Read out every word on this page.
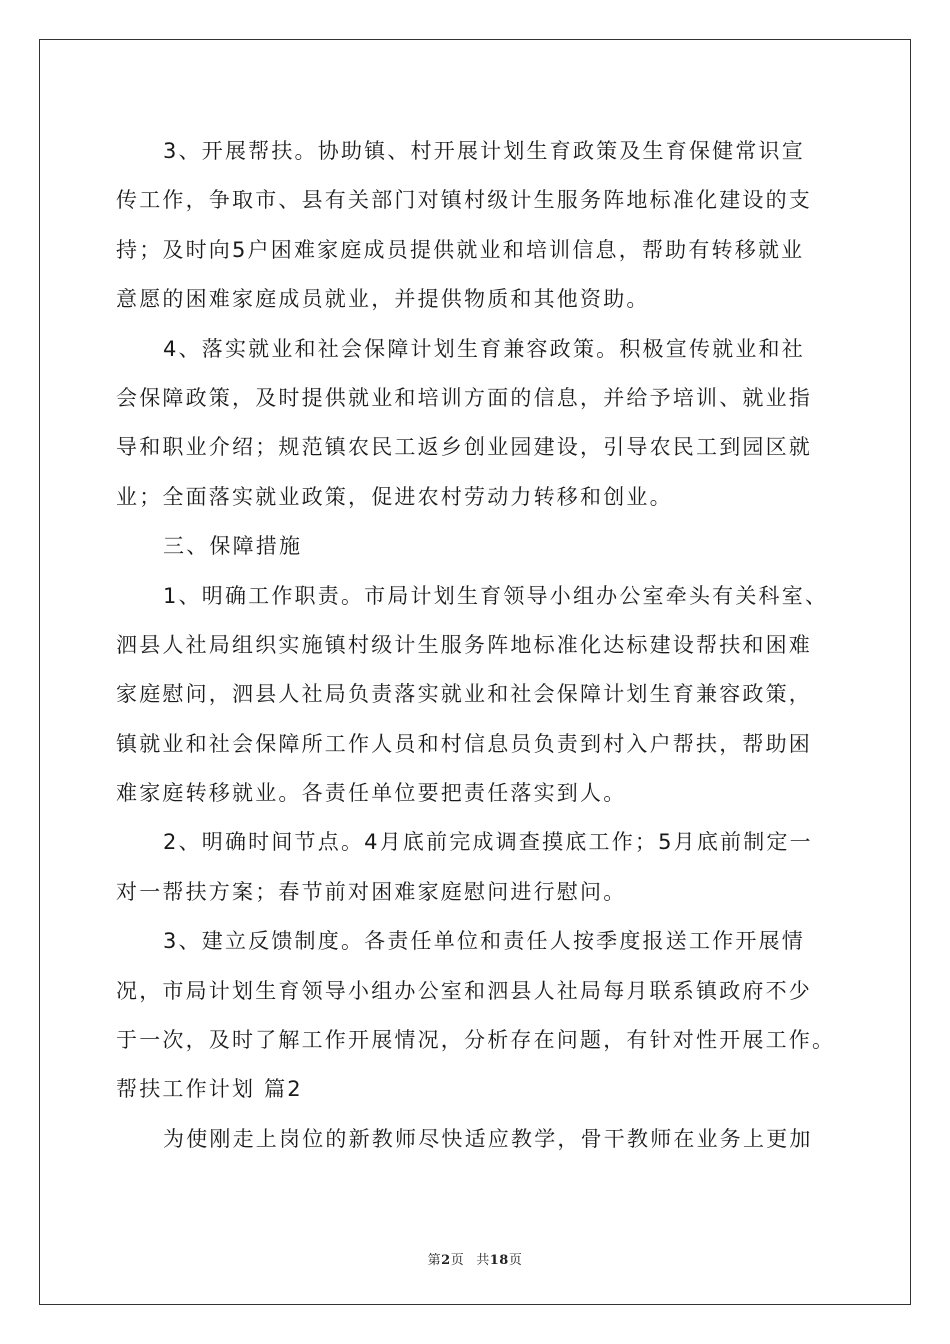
3、开展帮扶。协助镇、村开展计划生育政策及生育保健常识宣
传工作，争取市、县有关部门对镇村级计生服务阵地标准化建设的支
持；及时向5户困难家庭成员提供就业和培训信息，帮助有转移就业
意愿的困难家庭成员就业，并提供物质和其他资助。
4、落实就业和社会保障计划生育兼容政策。积极宣传就业和社
会保障政策，及时提供就业和培训方面的信息，并给予培训、就业指
导和职业介绍；规范镇农民工返乡创业园建设，引导农民工到园区就
业；全面落实就业政策，促进农村劳动力转移和创业。
三、保障措施
1、明确工作职责。市局计划生育领导小组办公室牵头有关科室、
泗县人社局组织实施镇村级计生服务阵地标准化达标建设帮扶和困难
家庭慰问，泗县人社局负责落实就业和社会保障计划生育兼容政策，
镇就业和社会保障所工作人员和村信息员负责到村入户帮扶，帮助困
难家庭转移就业。各责任单位要把责任落实到人。
2、明确时间节点。4月底前完成调查摸底工作；5月底前制定一
对一帮扶方案；春节前对困难家庭慰问进行慰问。
3、建立反馈制度。各责任单位和责任人按季度报送工作开展情
况，市局计划生育领导小组办公室和泗县人社局每月联系镇政府不少
于一次，及时了解工作开展情况，分析存在问题，有针对性开展工作。
帮扶工作计划 篇2
为使刚走上岗位的新教师尽快适应教学，骨干教师在业务上更加
第2页 共18页
